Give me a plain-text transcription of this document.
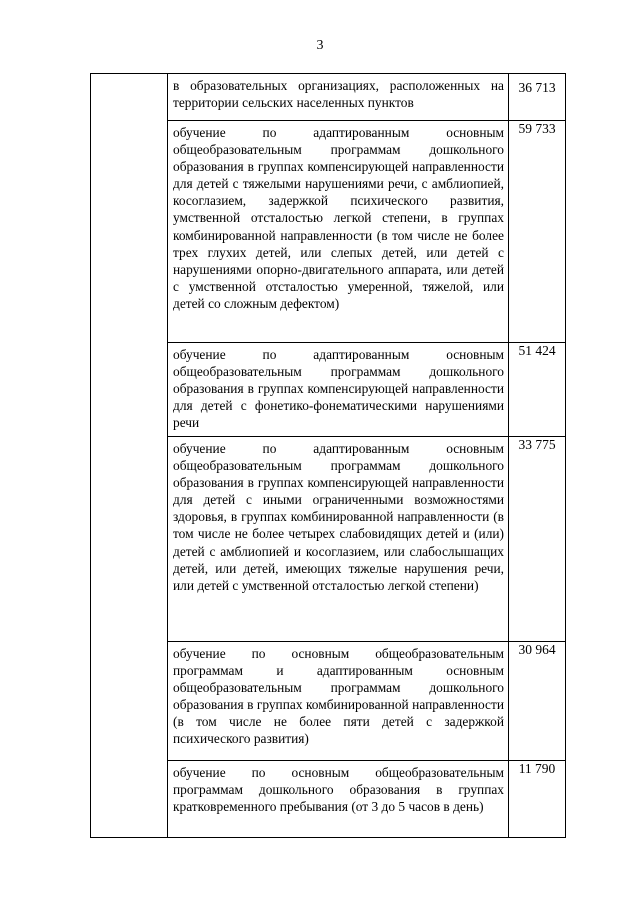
3

	в образовательных организациях, расположенных на территории сельских населенных пунктов	36 713

	обучение по адаптированным основным общеобразовательным программам дошкольного образования в группах компенсирующей направленности для детей с тяжелыми нарушениями речи, с амблиопией, косоглазием, задержкой психического развития, умственной отсталостью легкой степени, в группах комбинированной направленности (в том числе не более трех глухих детей, или слепых детей, или детей с нарушениями опорно-двигательного аппарата, или детей с умственной отсталостью умеренной, тяжелой, или детей со сложным дефектом)	59 733

	обучение по адаптированным основным общеобразовательным программам дошкольного образования в группах компенсирующей направленности для детей с фонетико-фонематическими нарушениями речи	51 424

	обучение по адаптированным основным общеобразовательным программам дошкольного образования в группах компенсирующей направленности для детей с иными ограниченными возможностями здоровья, в группах комбинированной направленности (в том числе не более четырех слабовидящих детей и (или) детей с амблиопией и косоглазием, или слабослышащих детей, или детей, имеющих тяжелые нарушения речи, или детей с умственной отсталостью легкой степени)	33 775

	обучение по основным общеобразовательным программам и адаптированным основным общеобразовательным программам дошкольного образования в группах комбинированной направленности (в том числе не более пяти детей с задержкой психического развития)	30 964

	обучение по основным общеобразовательным программам дошкольного образования в группах кратковременного пребывания (от 3 до 5 часов в день)	11 790
